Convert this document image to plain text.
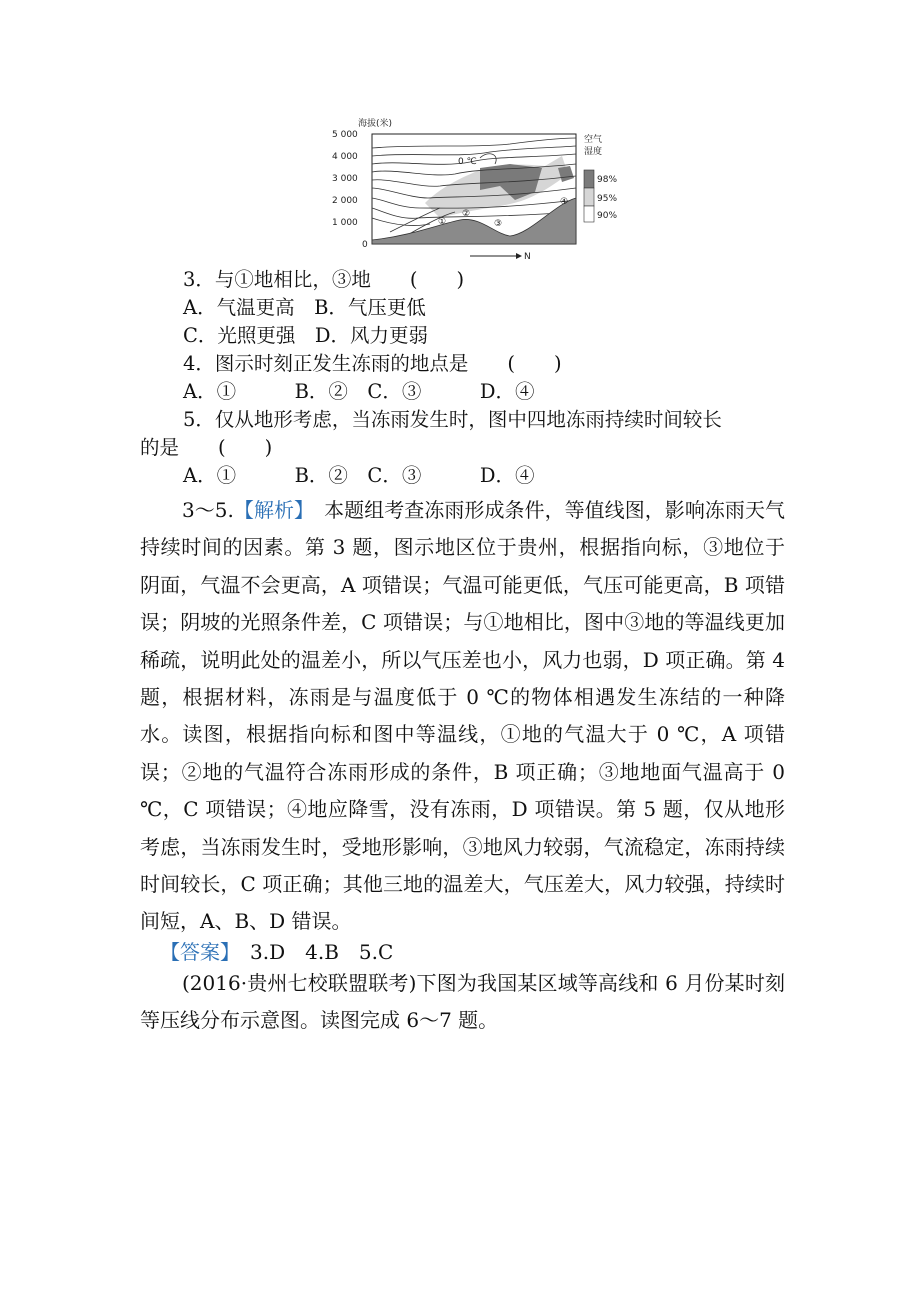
海拔(米)
5 000
4 000
3 000
2 000
1 000
0
0 ℃
①
②
③
④
N
空气
湿度
98%
95%
90%
3．与①地相比，③地　　(　　)
A．气温更高　B．气压更低
C．光照更强　D．风力更弱
4．图示时刻正发生冻雨的地点是　　(　　)
A．①　　　B．②　C．③　　　D．④
5．仅从地形考虑，当冻雨发生时，图中四地冻雨持续时间较长
的是　　(　　)
A．①　　　B．②　C．③　　　D．④
3～5.【解析】　本题组考查冻雨形成条件，等值线图，影响冻雨天气持续时间的因素。第 3 题，图示地区位于贵州，根据指向标，③地位于阴面，气温不会更高，A 项错误；气温可能更低，气压可能更高，B 项错误；阴坡的光照条件差，C 项错误；与①地相比，图中③地的等温线更加稀疏，说明此处的温差小，所以气压差也小，风力也弱，D 项正确。第 4 题，根据材料，冻雨是与温度低于 0 ℃的物体相遇发生冻结的一种降水。读图，根据指向标和图中等温线，①地的气温大于 0 ℃，A 项错误；②地的气温符合冻雨形成的条件，B 项正确；③地地面气温高于 0 ℃，C 项错误；④地应降雪，没有冻雨，D 项错误。第 5 题，仅从地形考虑，当冻雨发生时，受地形影响，③地风力较弱，气流稳定，冻雨持续时间较长，C 项正确；其他三地的温差大，气压差大，风力较强，持续时间短，A、B、D 错误。
【答案】　3.D　4.B　5.C
(2016·贵州七校联盟联考)下图为我国某区域等高线和 6 月份某时刻等压线分布示意图。读图完成 6～7 题。
